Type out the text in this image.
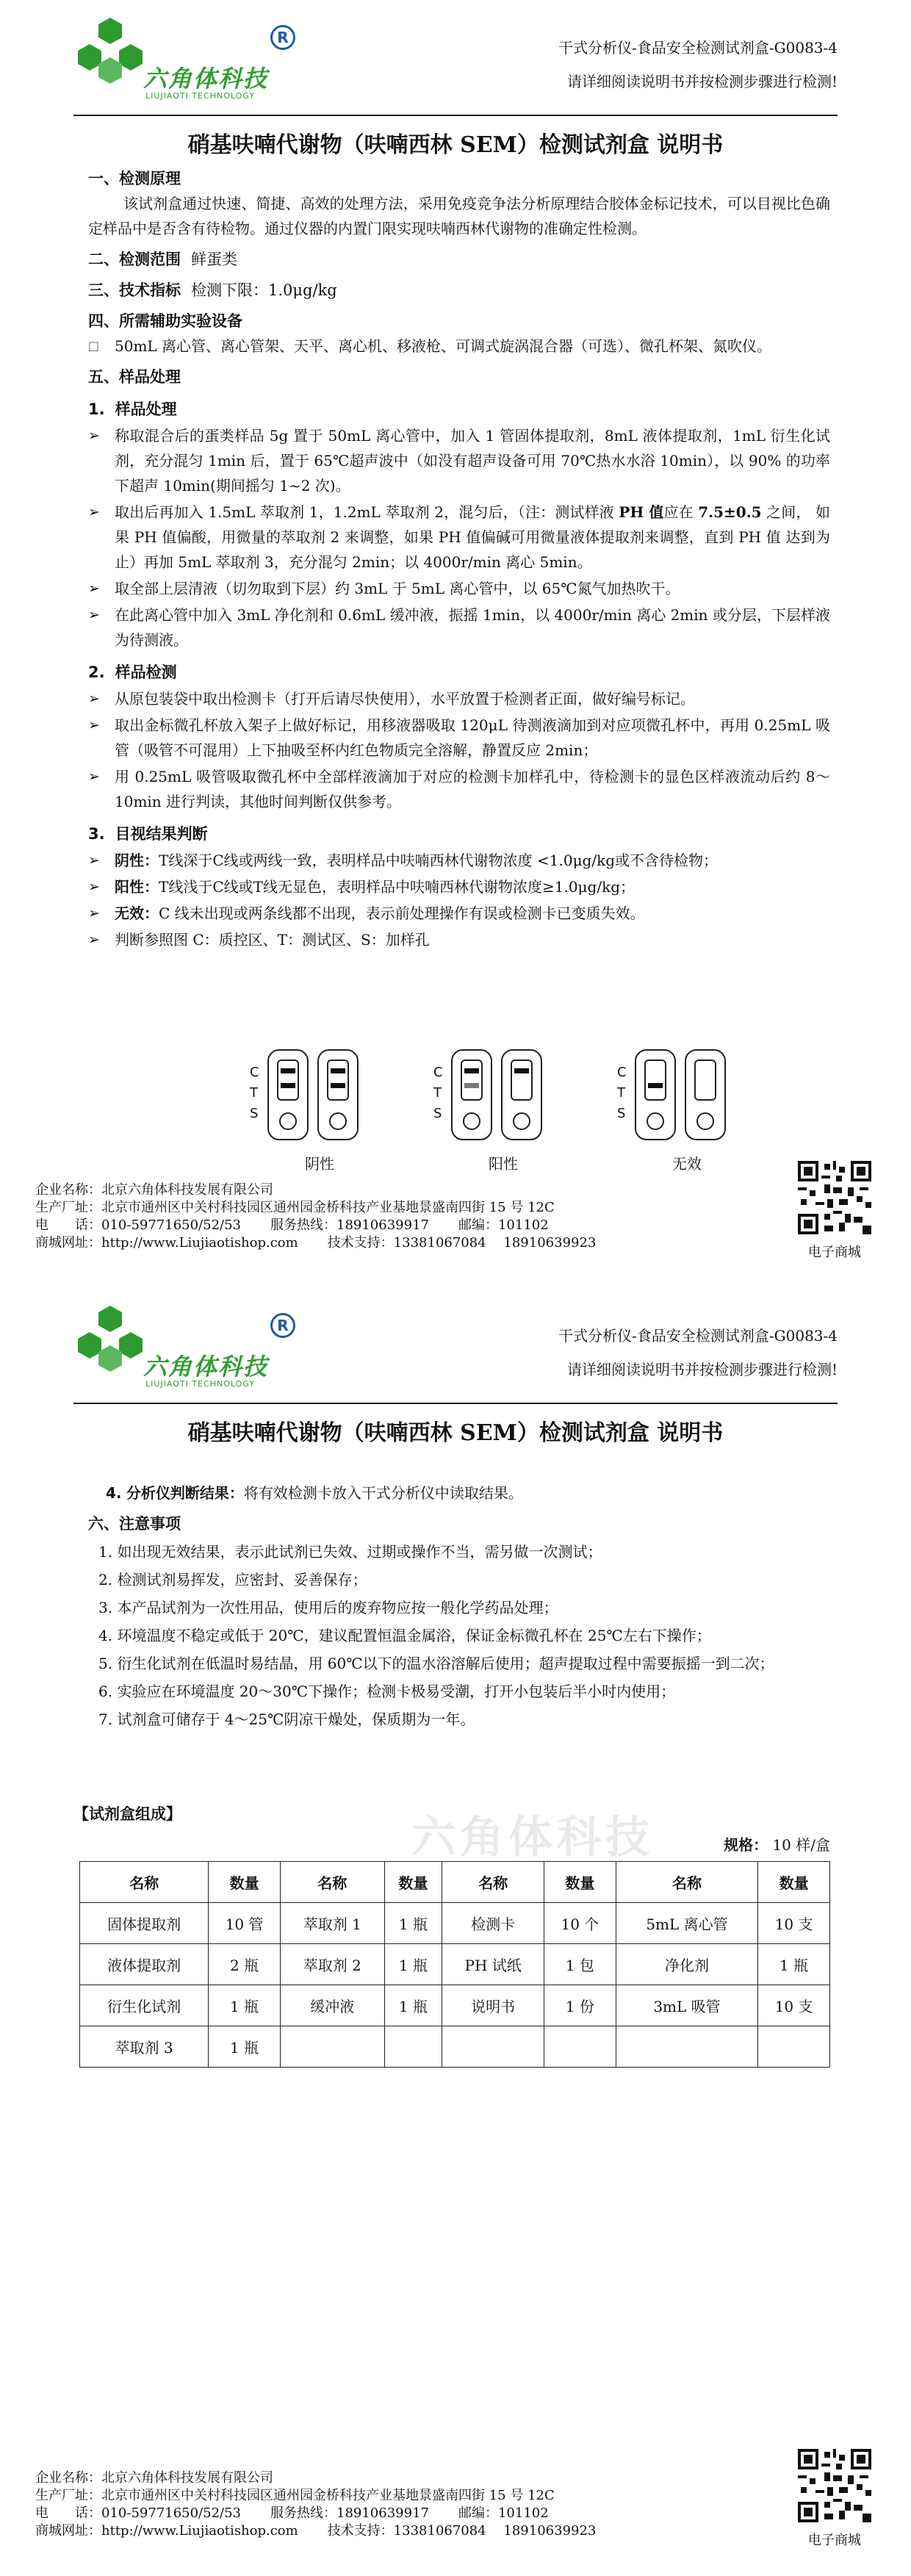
六角体科技
LIUJIAOTI TECHNOLOGY
R
干式分析仪-食品安全检测试剂盒-G0083-4
请详细阅读说明书并按检测步骤进行检测!
硝基呋喃代谢物（呋喃西林 SEM）检测试剂盒 说明书
一、检测原理
该试剂盒通过快速、简捷、高效的处理方法，采用免疫竞争法分析原理结合胶体金标记技术，可以目视比色确定样品中是否含有待检物。通过仪器的内置门限实现呋喃西林代谢物的准确定性检测。
二、检测范围 鲜蛋类
三、技术指标 检测下限：1.0μg/kg
四、所需辅助实验设备
□ 50mL 离心管、离心管架、天平、离心机、移液枪、可调式旋涡混合器（可选）、微孔杯架、氮吹仪。
五、样品处理
1. 样品处理
➢ 称取混合后的蛋类样品 5g 置于 50mL 离心管中，加入 1 管固体提取剂，8mL 液体提取剂，1mL 衍生化试剂，充分混匀 1min 后，置于 65℃超声波中（如没有超声设备可用 70℃热水水浴 10min），以 90% 的功率下超声 10min(期间摇匀 1~2 次)。
➢ 取出后再加入 1.5mL 萃取剂 1，1.2mL 萃取剂 2，混匀后，（注：测试样液 PH 值应在 7.5±0.5 之间， 如果 PH 值偏酸，用微量的萃取剂 2 来调整，如果 PH 值偏碱可用微量液体提取剂来调整，直到 PH 值 达到为止）再加 5mL 萃取剂 3，充分混匀 2min；以 4000r/min 离心 5min。
➢ 取全部上层清液（切勿取到下层）约 3mL 于 5mL 离心管中，以 65℃氮气加热吹干。
➢ 在此离心管中加入 3mL 净化剂和 0.6mL 缓冲液，振摇 1min，以 4000r/min 离心 2min 或分层，下层样液为待测液。
2. 样品检测
➢ 从原包装袋中取出检测卡（打开后请尽快使用），水平放置于检测者正面，做好编号标记。
➢ 取出金标微孔杯放入架子上做好标记，用移液器吸取 120μL 待测液滴加到对应项微孔杯中，再用 0.25mL 吸管（吸管不可混用）上下抽吸至杯内红色物质完全溶解，静置反应 2min；
➢ 用 0.25mL 吸管吸取微孔杯中全部样液滴加于对应的检测卡加样孔中，待检测卡的显色区样液流动后约 8～10min 进行判读，其他时间判断仅供参考。
3. 目视结果判断
➢ 阴性：T线深于C线或两线一致，表明样品中呋喃西林代谢物浓度 <1.0μg/kg或不含待检物；
➢ 阳性：T线浅于C线或T线无显色，表明样品中呋喃西林代谢物浓度≥1.0μg/kg；
➢ 无效：C 线未出现或两条线都不出现，表示前处理操作有误或检测卡已变质失效。
➢ 判断参照图 C：质控区、T：测试区、S：加样孔
C
T
S
阴性
C
T
S
阳性
C
T
S
无效
企业名称：北京六角体科技发展有限公司
生产厂址：北京市通州区中关村科技园区通州园金桥科技产业基地景盛南四街 15 号 12C
电　　话：010-59771650/52/53 服务热线：18910639917 邮编：101102
商城网址：http://www.Liujiaotishop.com 技术支持：13381067084　 18910639923
电子商城
六角体科技
六角体科技
LIUJIAOTI TECHNOLOGY
R
干式分析仪-食品安全检测试剂盒-G0083-4
请详细阅读说明书并按检测步骤进行检测!
硝基呋喃代谢物（呋喃西林 SEM）检测试剂盒 说明书
4. 分析仪判断结果：将有效检测卡放入干式分析仪中读取结果。
六、注意事项
1. 如出现无效结果，表示此试剂已失效、过期或操作不当，需另做一次测试；
2. 检测试剂易挥发，应密封、妥善保存；
3. 本产品试剂为一次性用品，使用后的废弃物应按一般化学药品处理；
4. 环境温度不稳定或低于 20℃，建议配置恒温金属浴，保证金标微孔杯在 25℃左右下操作；
5. 衍生化试剂在低温时易结晶，用 60℃以下的温水浴溶解后使用；超声提取过程中需要振摇一到二次；
6. 实验应在环境温度 20～30℃下操作；检测卡极易受潮，打开小包装后半小时内使用；
7. 试剂盒可储存于 4～25℃阴凉干燥处，保质期为一年。
【试剂盒组成】
规格： 10 样/盒
名称	数量	名称	数量	名称	数量	名称	数量
固体提取剂	10 管	萃取剂 1	1 瓶	检测卡	10 个	5mL 离心管	10 支
液体提取剂	2 瓶	萃取剂 2	1 瓶	PH 试纸	1 包	净化剂	1 瓶
衍生化试剂	1 瓶	缓冲液	1 瓶	说明书	1 份	3mL 吸管	10 支
萃取剂 3	1 瓶						
企业名称：北京六角体科技发展有限公司
生产厂址：北京市通州区中关村科技园区通州园金桥科技产业基地景盛南四街 15 号 12C
电　　话：010-59771650/52/53 服务热线：18910639917 邮编：101102
商城网址：http://www.Liujiaotishop.com 技术支持：13381067084　 18910639923
电子商城
